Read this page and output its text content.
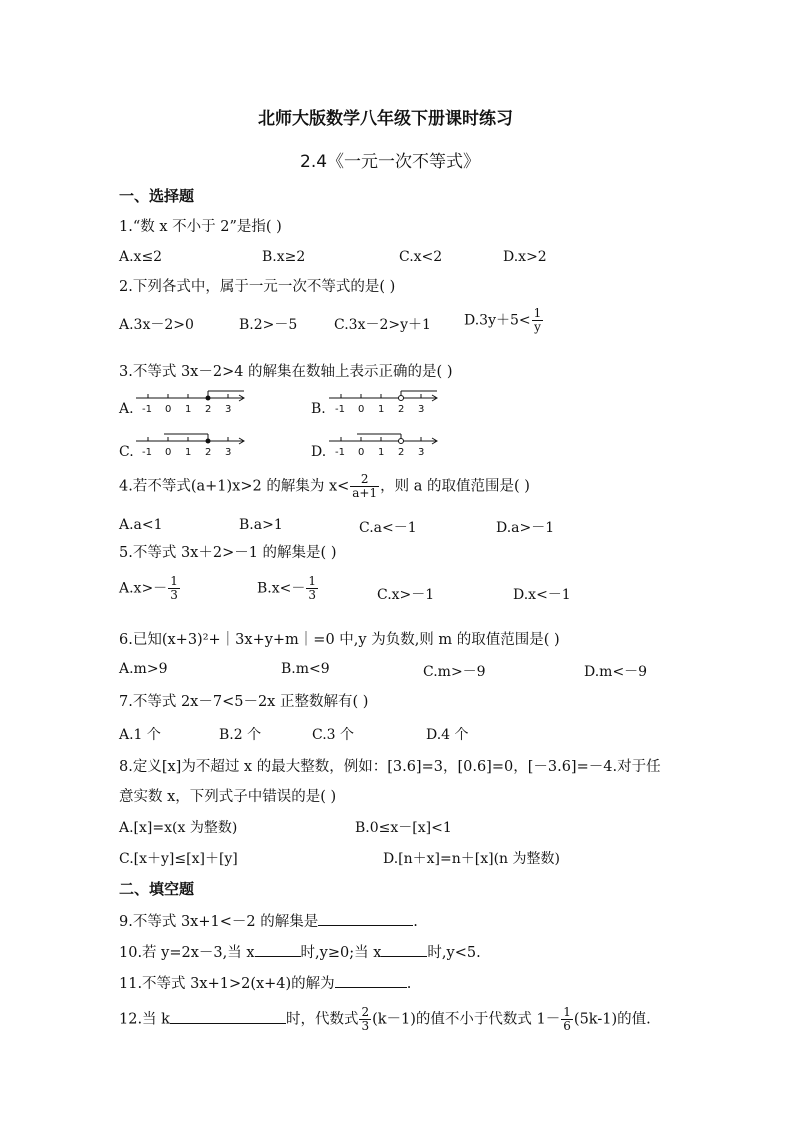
北师大版数学八年级下册课时练习
2.4《一元一次不等式》
一、选择题
1.“数 x 不小于 2”是指( )
A.x≤2	B.x≥2	C.x<2	D.x>2
2.下列各式中，属于一元一次不等式的是( )
A.3x－2>0	B.2>－5	C.3x－2>y＋1 $D.3y+5< \frac{1}{y}$
3.不等式 3x－2>4 的解集在数轴上表示正确的是( )
A.	B.
C.	D.
-1 0 1 2 3	-1 0 1 2 3
-1 0 1 2 3	-1 0 1 2 3
4.若不等式(a+1)x>2 的解集为 $x< \frac{2}{a+1}$ ，则 a 的取值范围是( )
A.a<1	B.a>1	C.a<－1	D.a>－1
5.不等式 3x＋2>－1 的解集是( )
$A.x>- \frac{1}{3}$	$B.x<- \frac{1}{3}$	C.x>－1	D.x<－1
6.已知(x+3)²+｜3x+y+m｜=0 中,y 为负数,则 m 的取值范围是( )
A.m>9	B.m<9	C.m>－9	D.m<－9
7.不等式 2x－7<5－2x 正整数解有( )
A.1 个	B.2 个	C.3 个	D.4 个
8.定义[x]为不超过 x 的最大整数，例如：[3.6]=3，[0.6]=0，[－3.6]=－4.对于任
意实数 x，下列式子中错误的是( )
A.[x]=x(x 为整数)	B.0≤x－[x]<1
C.[x＋y]≤[x]＋[y]	D.[n＋x]=n＋[x](n 为整数)
二、填空题
9.不等式 3x+1<－2 的解集是	.
10.若 y=2x－3,当 x	时,y≥0;当 x	时,y<5.
11.不等式 3x+1>2(x+4)的解为	.
12.当 k	时，代数式 $\frac{2}{3} (k-1)$的值不小于代数式 $1- \frac{1}{6} (5k-1)$的值.
